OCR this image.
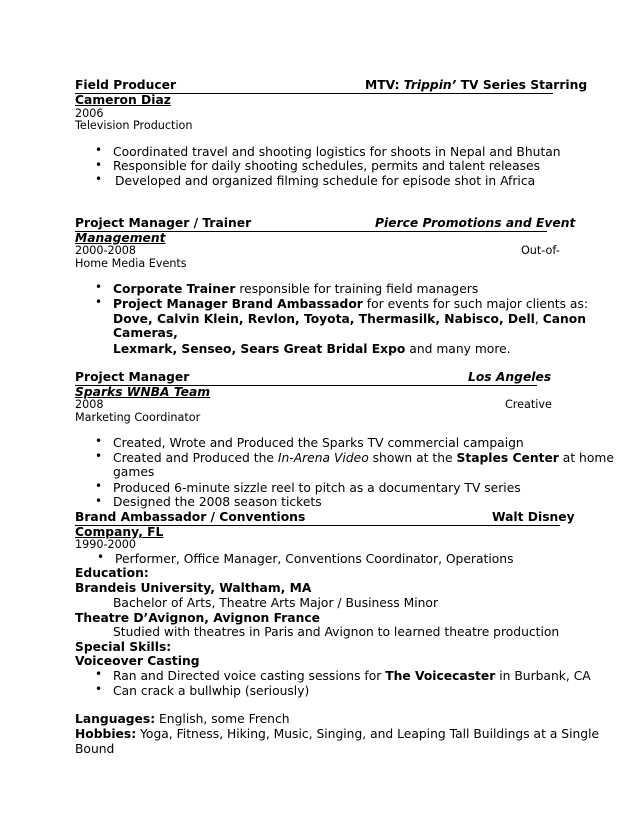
Field Producer	MTV: Trippin’ TV Series Starring
Cameron Diaz
2006
Television Production
• Coordinated travel and shooting logistics for shoots in Nepal and Bhutan
• Responsible for daily shooting schedules, permits and talent releases
• Developed and organized filming schedule for episode shot in Africa
Project Manager / Trainer	Pierce Promotions and Event
Management
2000-2008	Out-of-
Home Media Events
• Corporate Trainer responsible for training field managers
• Project Manager Brand Ambassador for events for such major clients as:
Dove, Calvin Klein, Revlon, Toyota, Thermasilk, Nabisco, Dell, Canon
Cameras,
Lexmark, Senseo, Sears Great Bridal Expo and many more.
Project Manager	Los Angeles
Sparks WNBA Team
2008	Creative
Marketing Coordinator
• Created, Wrote and Produced the Sparks TV commercial campaign
• Created and Produced the In-Arena Video shown at the Staples Center at home
games
• Produced 6-minute sizzle reel to pitch as a documentary TV series
• Designed the 2008 season tickets
Brand Ambassador / Conventions	Walt Disney
Company, FL
1990-2000
• Performer, Office Manager, Conventions Coordinator, Operations
Education:
Brandeis University, Waltham, MA
Bachelor of Arts, Theatre Arts Major / Business Minor
Theatre D’Avignon, Avignon France
Studied with theatres in Paris and Avignon to learned theatre production
Special Skills:
Voiceover Casting
• Ran and Directed voice casting sessions for The Voicecaster in Burbank, CA
• Can crack a bullwhip (seriously)
Languages: English, some French
Hobbies: Yoga, Fitness, Hiking, Music, Singing, and Leaping Tall Buildings at a Single
Bound
